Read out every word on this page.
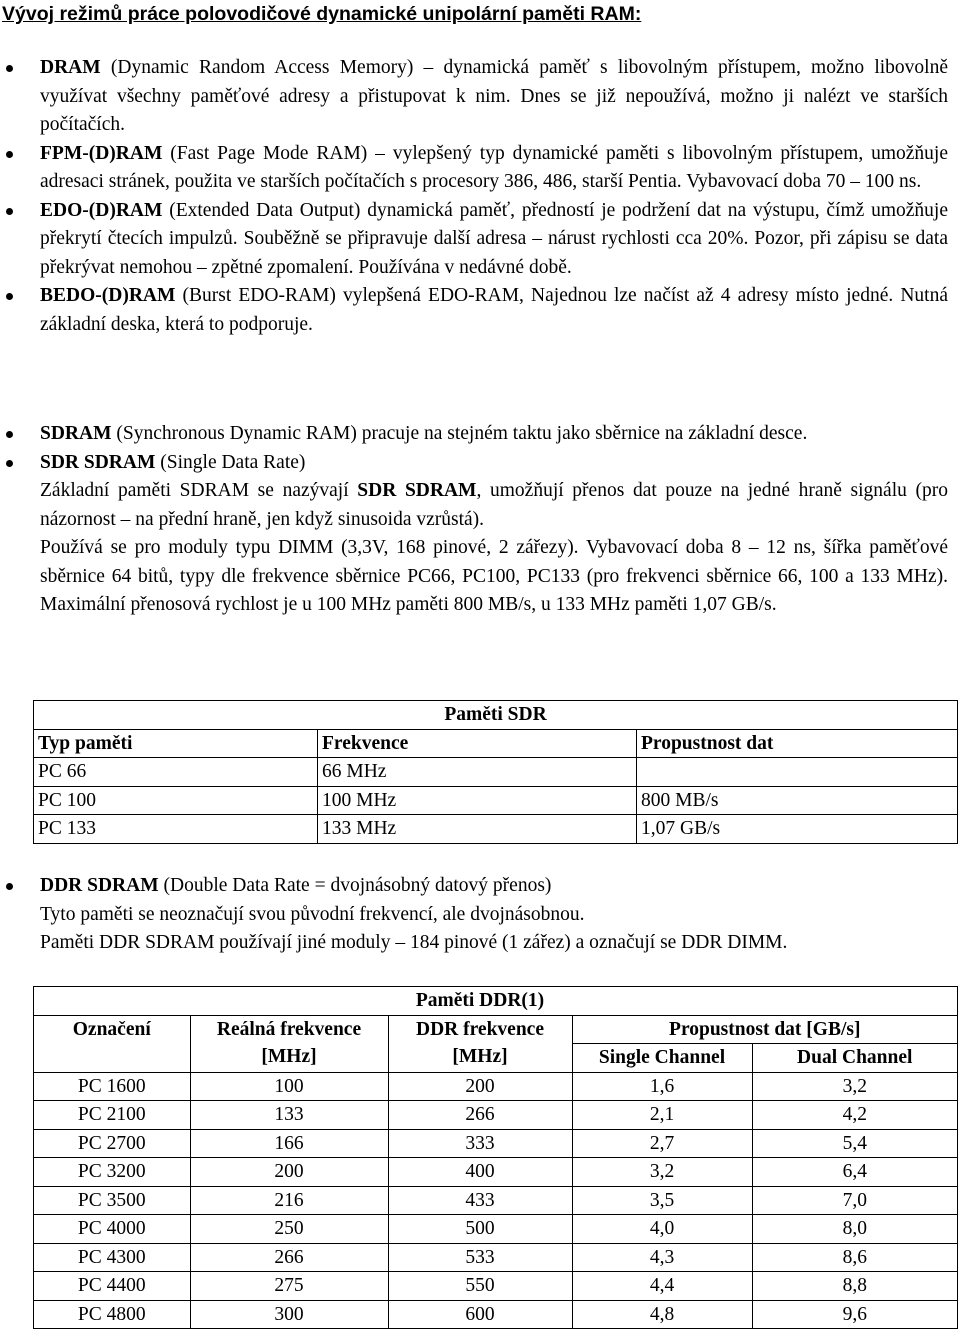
Vývoj režimů práce polovodičové dynamické unipolární paměti RAM:
DRAM (Dynamic Random Access Memory) – dynamická paměť s libovolným přístupem, možno libovolně využívat všechny paměťové adresy a přistupovat k nim. Dnes se již nepoužívá, možno ji nalézt ve starších počítačích.
FPM-(D)RAM (Fast Page Mode RAM) – vylepšený typ dynamické paměti s libovolným přístupem, umožňuje adresaci stránek, použita ve starších počítačích s procesory 386, 486, starší Pentia. Vybavovací doba 70 – 100 ns.
EDO-(D)RAM (Extended Data Output) dynamická paměť, předností je podržení dat na výstupu, čímž umožňuje překrytí čtecích impulzů. Souběžně se připravuje další adresa – nárust rychlosti cca 20%. Pozor, při zápisu se data překrývat nemohou – zpětné zpomalení. Používána v nedávné době.
BEDO-(D)RAM (Burst EDO-RAM) vylepšená EDO-RAM, Najednou lze načíst až 4 adresy místo jedné. Nutná základní deska, která to podporuje.
SDRAM (Synchronous Dynamic RAM) pracuje na stejném taktu jako sběrnice na základní desce.
SDR SDRAM (Single Data Rate)
Základní paměti SDRAM se nazývají SDR SDRAM, umožňují přenos dat pouze na jedné hraně signálu (pro názornost – na přední hraně, jen když sinusoida vzrůstá).
Používá se pro moduly typu DIMM (3,3V, 168 pinové, 2 zářezy). Vybavovací doba 8 – 12 ns, šířka paměťové sběrnice 64 bitů, typy dle frekvence sběrnice PC66, PC100, PC133 (pro frekvenci sběrnice 66, 100 a 133 MHz). Maximální přenosová rychlost je u 100 MHz paměti 800 MB/s, u 133 MHz paměti 1,07 GB/s.
Paměti SDR		
Typ paměti	Frekvence	Propustnost dat
PC 66	66 MHz	
PC 100	100 MHz	800 MB/s
PC 133	133 MHz	1,07 GB/s
DDR SDRAM (Double Data Rate = dvojnásobný datový přenos)
Tyto paměti se neoznačují svou původní frekvencí, ale dvojnásobnou.
Paměti DDR SDRAM používají jiné moduly – 184 pinové (1 zářez) a označují se DDR DIMM.
		Paměti DDR(1)		
Označení	Reálná frekvence [MHz]	DDR frekvence [MHz]	Propustnost dat [GB/s]	
			Single Channel	Dual Channel
PC 1600	100	200	1,6	3,2
PC 2100	133	266	2,1	4,2
PC 2700	166	333	2,7	5,4
PC 3200	200	400	3,2	6,4
PC 3500	216	433	3,5	7,0
PC 4000	250	500	4,0	8,0
PC 4300	266	533	4,3	8,6
PC 4400	275	550	4,4	8,8
PC 4800	300	600	4,8	9,6
